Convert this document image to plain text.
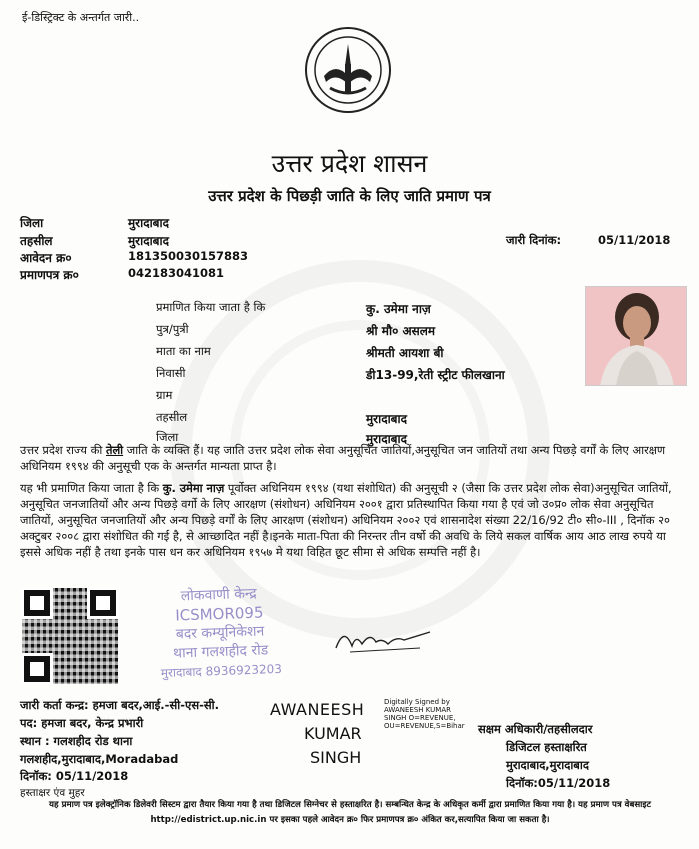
ई-डिस्ट्रिक्ट के अन्तर्गत जारी..
उत्तर प्रदेश शासन
उत्तर प्रदेश के पिछड़ी जाति के लिए जाति प्रमाण पत्र
जिला	मुरादाबाद
तहसील	मुरादाबाद
आवेदन क्र०	181350030157883
प्रमाणपत्र क्र०	042183041081
जारी दिनांक:	05/11/2018
प्रमाणित किया जाता है कि	कु. उमेमा नाज़
पुत्र/पुत्री	श्री मौ० असलम
माता का नाम	श्रीमती आयशा बी
निवासी	डी13-99,रेती स्ट्रीट फीलखाना
ग्राम
तहसील	मुरादाबाद
जिला	मुरादाबाद
उत्तर प्रदेश राज्य की तेली जाति के व्यक्ति हैं। यह जाति उत्तर प्रदेश लोक सेवा अनुसूचित जातियों,अनुसूचित जन जातियों तथा अन्य पिछड़े वर्गों के लिए आरक्षण अधिनियम १९९४ की अनुसूची एक के अन्तर्गत मान्यता प्राप्त है।
यह भी प्रमाणित किया जाता है कि कु. उमेमा नाज़ पूर्वोक्त अधिनियम १९९४ (यथा संशोधित) की अनुसूची २ (जैसा कि उत्तर प्रदेश लोक सेवा)अनुसूचित जातियों, अनुसूचित जनजातियों और अन्य पिछड़े वर्गो के लिए आरक्षण (संशोधन) अधिनियम २००१ द्वारा प्रतिस्थापित किया गया है एवं जो उ०प्र० लोक सेवा अनुसूचित जातियों, अनुसूचित जनजातियों और अन्य पिछड़े वर्गों के लिए आरक्षण (संशोधन) अधिनियम २००२ एवं शासनादेश संख्या 22/16/92 टी० सी०-III , दिनॉक २० अक्टुबर २००८ द्वारा संशोधित की गई है, से आच्छादित नहीं है।इनके माता-पिता की निरन्तर तीन वर्षो की अवधि के लिये सकल वार्षिक आय आठ लाख रुपये या इससे अधिक नहीं है तथा इनके पास धन कर अधिनियम १९५७ मे यथा विहित छूट सीमा से अधिक सम्पत्ति नहीं है।
लोकवाणी केन्द्र
ICSMOR095
बदर कम्यूनिकेशन
थाना गलशहीद रोड
मुरादाबाद 8936923203
जारी कर्ता कन्द्र: हमजा बदर,आई.-सी-एस-सी.
पद: हमजा बदर, केन्द्र प्रभारी
स्थान : गलशहीद रोड थाना
गलशहीद,मुरादाबाद,Moradabad
दिनॉक: 05/11/2018
हस्ताक्षर एंव मुहर
AWANEESH
KUMAR
SINGH
Digitally Signed by
AWANEESH KUMAR
SINGH O=REVENUE,
OU=REVENUE,S=Bihar सक्षम अधिकारी/तहसीलदार
डिजिटल हस्ताक्षरित
मुरादाबाद,मुरादाबाद
दिनॉक:05/11/2018
यह प्रमाण पत्र इलेक्ट्रॉनिक डिलेवरी सिस्टम द्वारा तैयार किया गया है तथा डिजिटल सिग्नेचर से हस्ताक्षरित है। सम्बन्धित केन्द्र के अधिकृत कर्मी द्वारा प्रमाणित किया गया है। यह प्रमाण पत्र वेबसाइट http://edistrict.up.nic.in पर इसका पहले आवेदन क्र० फिर प्रमाणपत्र क्र० अंकित कर,सत्यापित किया जा सकता है।
